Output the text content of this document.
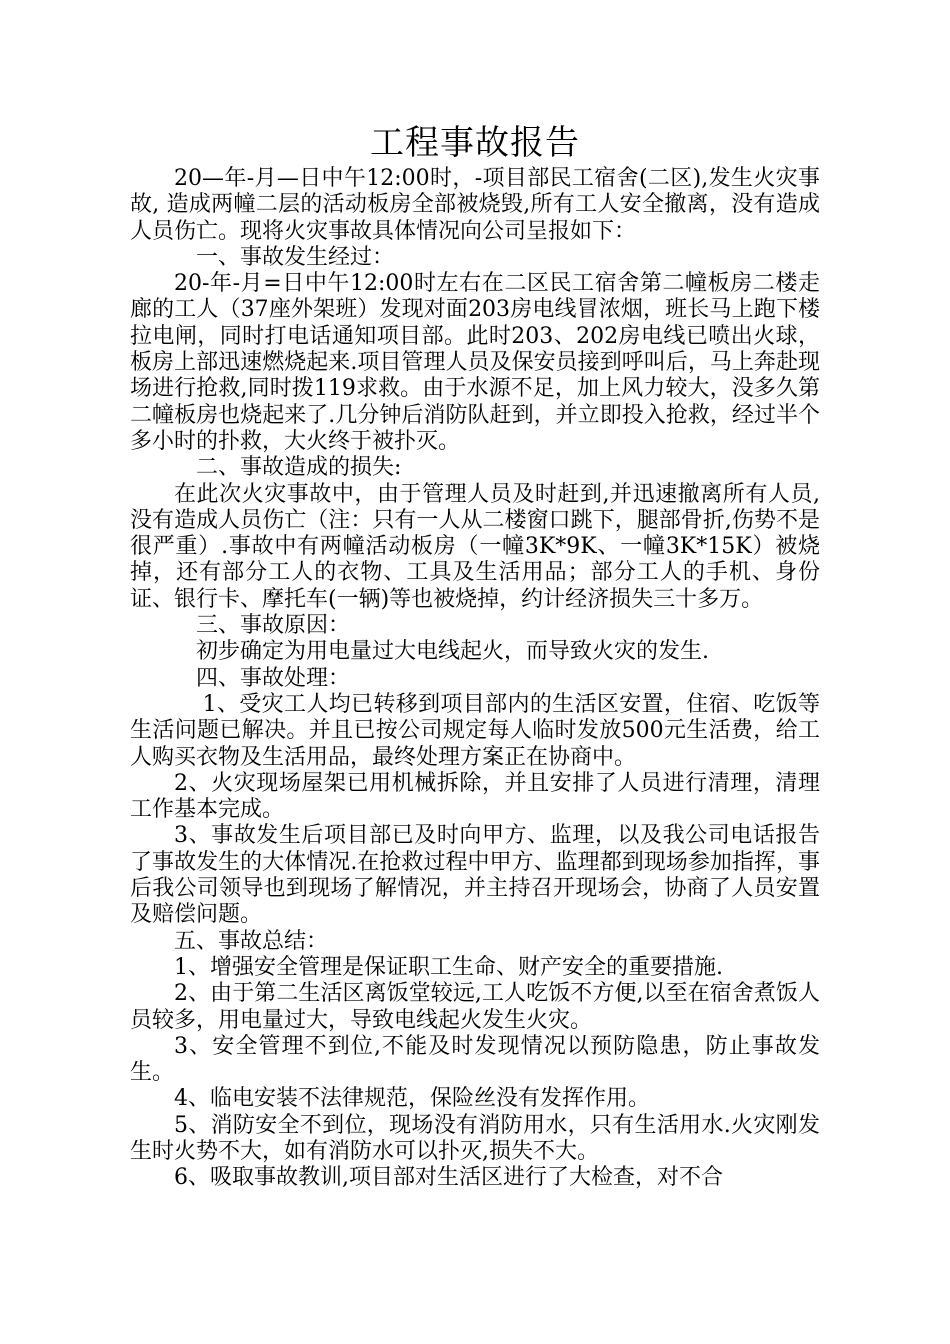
工程事故报告

20—年-月—日中午12:00时，-项目部民工宿舍(二区),发生火灾事故, 造成两幢二层的活动板房全部被烧毁,所有工人安全撤离，没有造成人员伤亡。现将火灾事故具体情况向公司呈报如下：

一、事故发生经过：

20-年-月=日中午12:00时左右在二区民工宿舍第二幢板房二楼走廊的工人（37座外架班）发现对面203房电线冒浓烟，班长马上跑下楼拉电闸，同时打电话通知项目部。此时203、202房电线已喷出火球，板房上部迅速燃烧起来.项目管理人员及保安员接到呼叫后，马上奔赴现场进行抢救,同时拨119求救。由于水源不足，加上风力较大，没多久第二幢板房也烧起来了.几分钟后消防队赶到，并立即投入抢救，经过半个多小时的扑救，大火终于被扑灭。

二、事故造成的损失:

在此次火灾事故中，由于管理人员及时赶到,并迅速撤离所有人员,没有造成人员伤亡（注：只有一人从二楼窗口跳下，腿部骨折,伤势不是很严重）.事故中有两幢活动板房（一幢3K*9K、一幢3K*15K）被烧掉，还有部分工人的衣物、工具及生活用品；部分工人的手机、身份证、银行卡、摩托车(一辆)等也被烧掉，约计经济损失三十多万。

三、事故原因：

初步确定为用电量过大电线起火，而导致火灾的发生.

四、事故处理：

1、受灾工人均已转移到项目部内的生活区安置，住宿、吃饭等生活问题已解决。并且已按公司规定每人临时发放500元生活费，给工人购买衣物及生活用品，最终处理方案正在协商中。

2、火灾现场屋架已用机械拆除，并且安排了人员进行清理，清理工作基本完成。

3、事故发生后项目部已及时向甲方、监理，以及我公司电话报告了事故发生的大体情况.在抢救过程中甲方、监理都到现场参加指挥，事后我公司领导也到现场了解情况，并主持召开现场会，协商了人员安置及赔偿问题。

五、事故总结：

1、增强安全管理是保证职工生命、财产安全的重要措施.

2、由于第二生活区离饭堂较远,工人吃饭不方便,以至在宿舍煮饭人员较多，用电量过大，导致电线起火发生火灾。

3、安全管理不到位,不能及时发现情况以预防隐患，防止事故发生。

4、临电安装不法律规范，保险丝没有发挥作用。

5、消防安全不到位，现场没有消防用水，只有生活用水.火灾刚发生时火势不大，如有消防水可以扑灭,损失不大。

6、吸取事故教训,项目部对生活区进行了大检查，对不合
